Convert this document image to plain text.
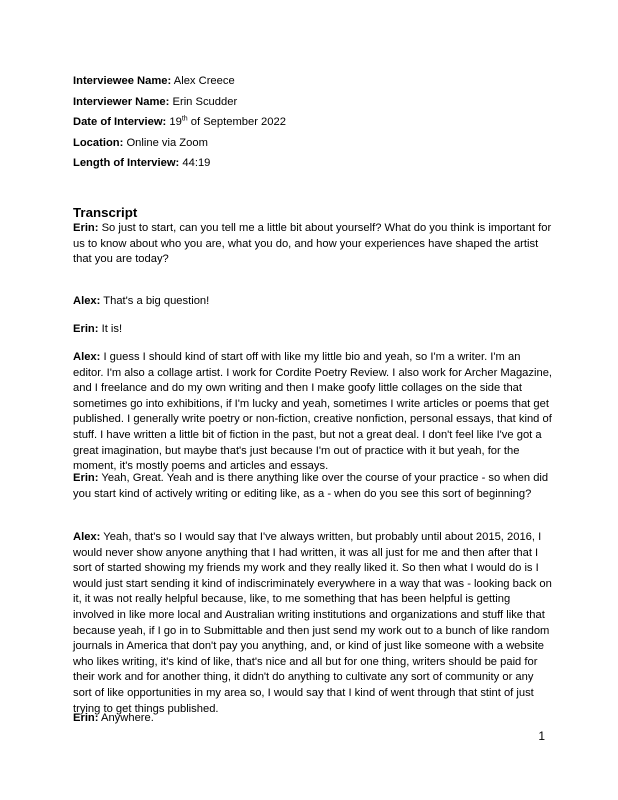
Interviewee Name: Alex Creece
Interviewer Name: Erin Scudder
Date of Interview: 19th of September 2022
Location: Online via Zoom
Length of Interview: 44:19
Transcript

Erin: So just to start, can you tell me a little bit about yourself? What do you think is important for us to know about who you are, what you do, and how your experiences have shaped the artist that you are today?

Alex: That's a big question!

Erin: It is!

Alex: I guess I should kind of start off with like my little bio and yeah, so I'm a writer. I'm an editor. I'm also a collage artist. I work for Cordite Poetry Review. I also work for Archer Magazine, and I freelance and do my own writing and then I make goofy little collages on the side that sometimes go into exhibitions, if I'm lucky and yeah, sometimes I write articles or poems that get published. I generally write poetry or non-fiction, creative nonfiction, personal essays, that kind of stuff. I have written a little bit of fiction in the past, but not a great deal. I don't feel like I've got a great imagination, but maybe that's just because I'm out of practice with it but yeah, for the moment, it's mostly poems and articles and essays.

Erin: Yeah, Great. Yeah and is there anything like over the course of your practice - so when did you start kind of actively writing or editing like, as a - when do you see this sort of beginning?

Alex: Yeah, that's so I would say that I've always written, but probably until about 2015, 2016, I would never show anyone anything that I had written, it was all just for me and then after that I sort of started showing my friends my work and they really liked it. So then what I would do is I would just start sending it kind of indiscriminately everywhere in a way that was - looking back on it, it was not really helpful because, like, to me something that has been helpful is getting involved in like more local and Australian writing institutions and organizations and stuff like that because yeah, if I go in to Submittable and then just send my work out to a bunch of like random journals in America that don't pay you anything, and, or kind of just like someone with a website who likes writing, it's kind of like, that's nice and all but for one thing, writers should be paid for their work and for another thing, it didn't do anything to cultivate any sort of community or any sort of like opportunities in my area so, I would say that I kind of went through that stint of just trying to get things published.

Erin: Anywhere.

1
